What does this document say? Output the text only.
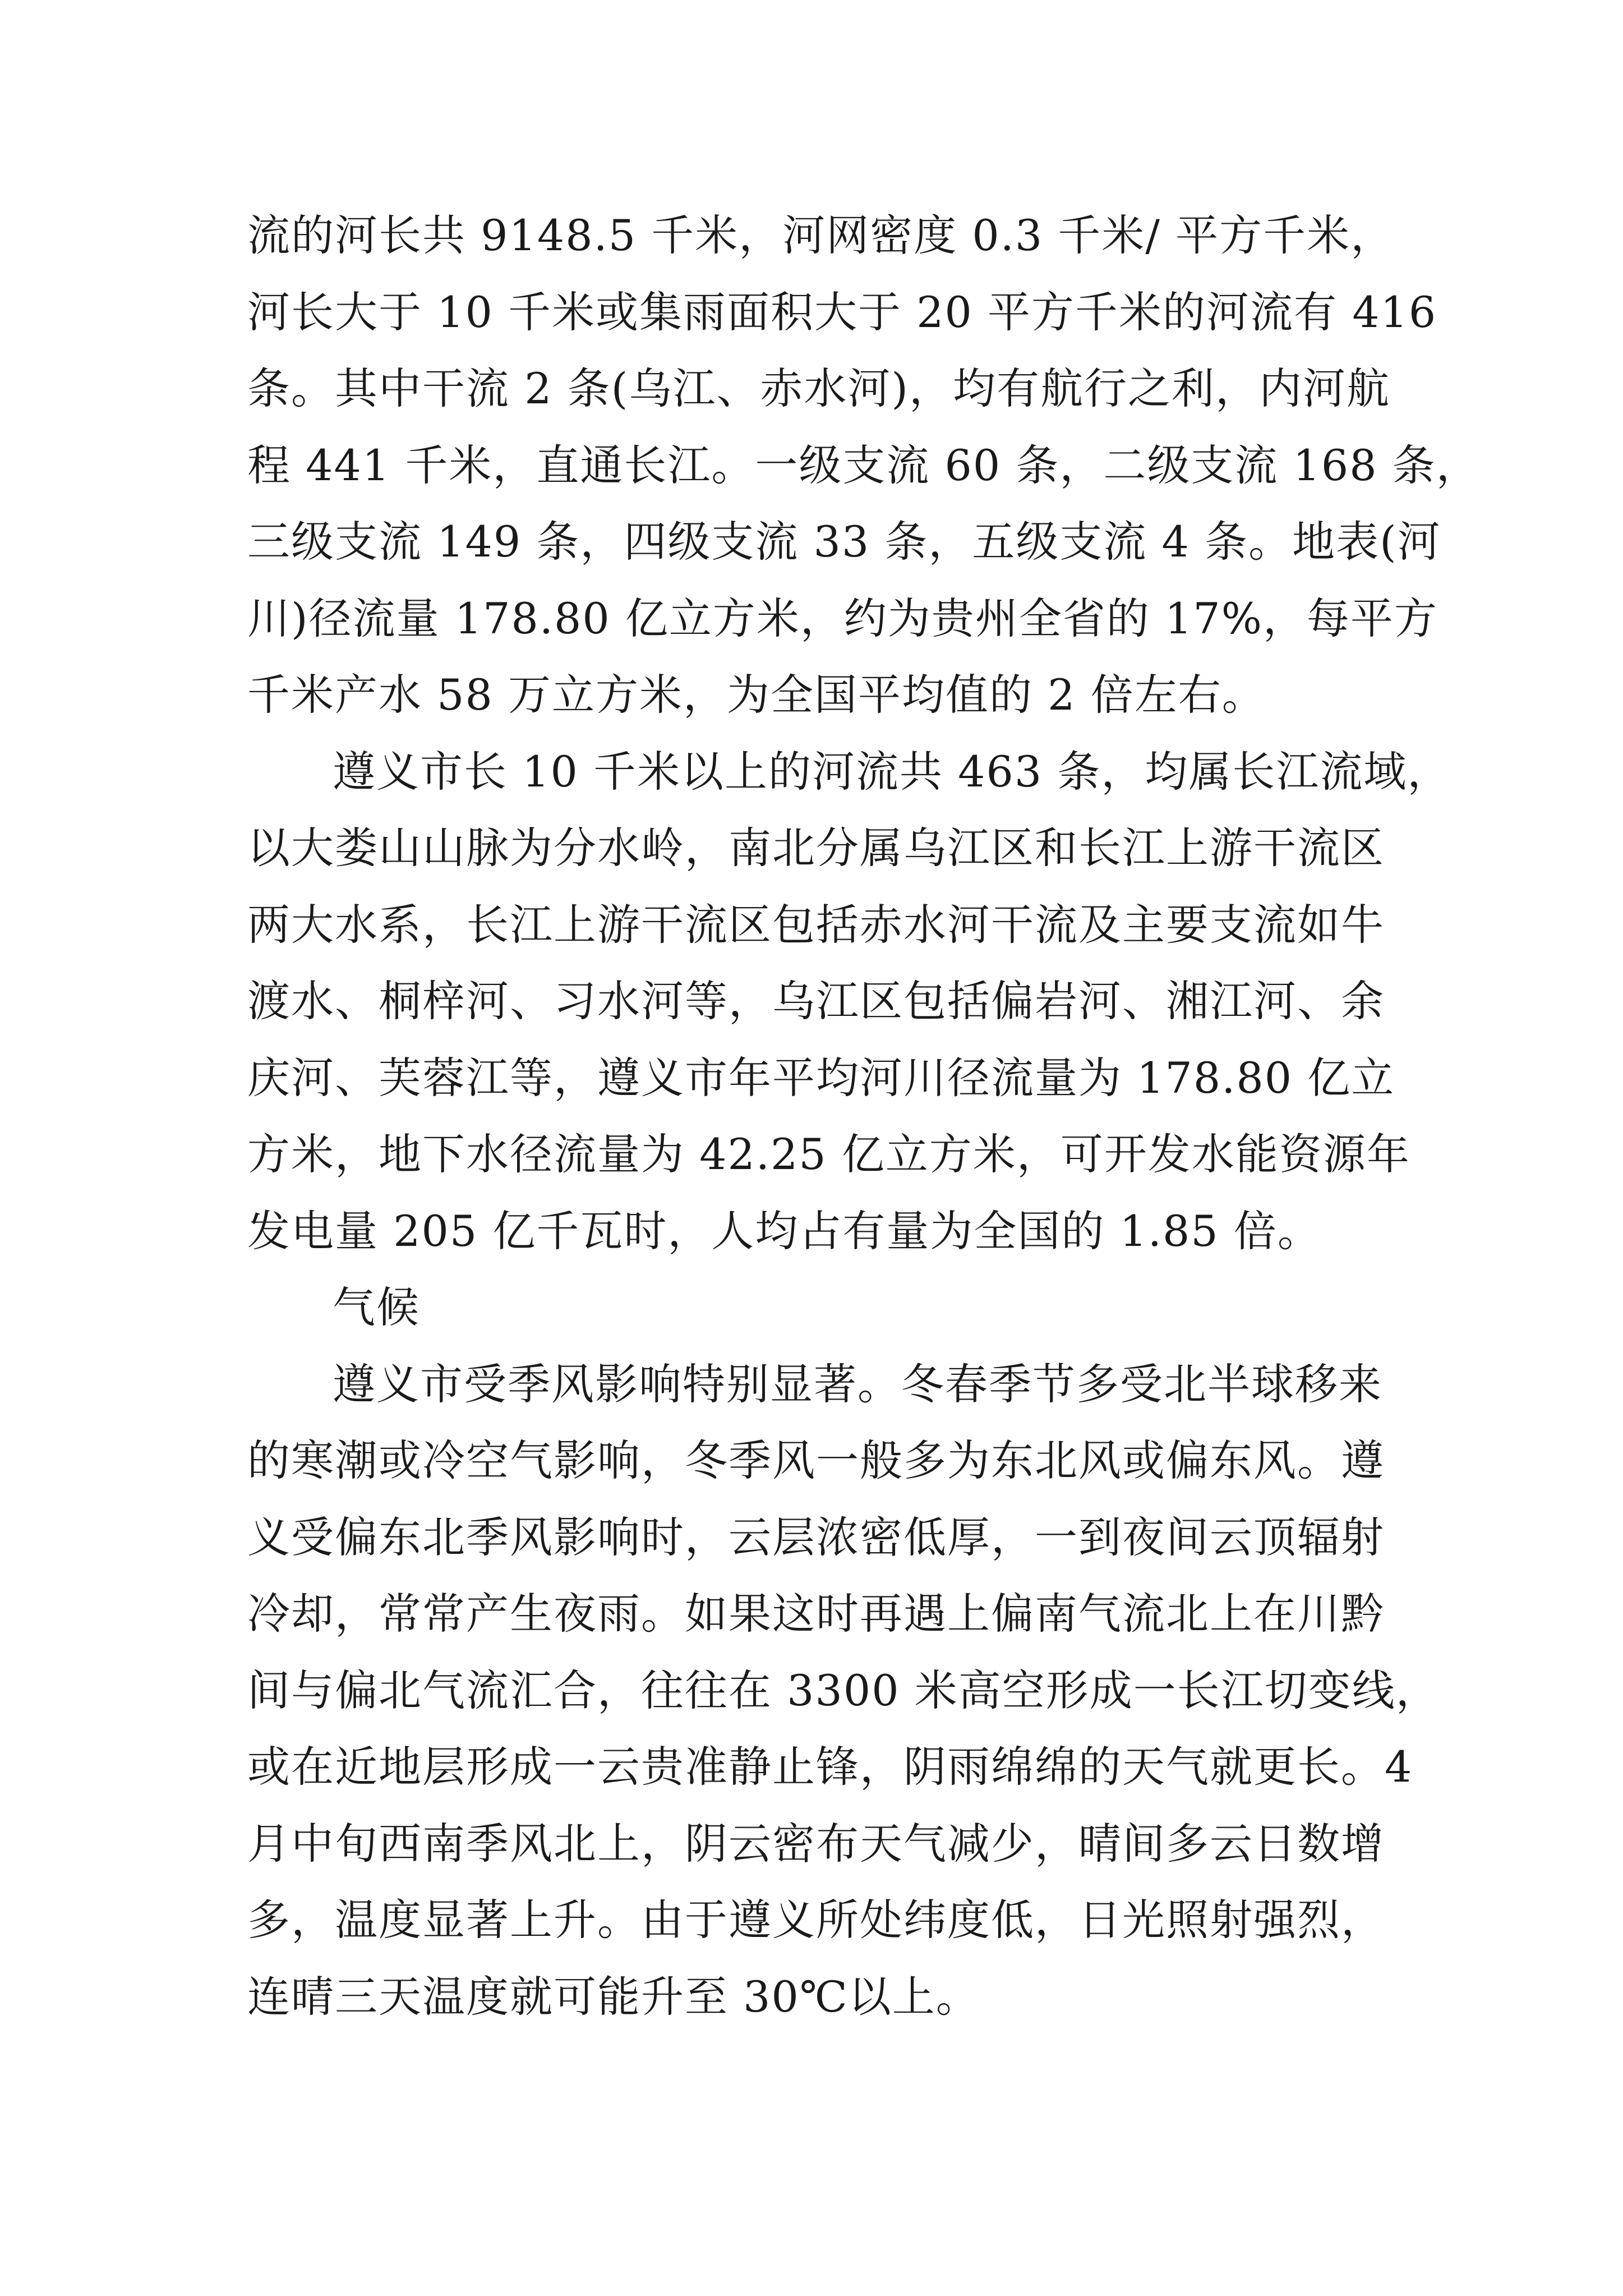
流的河长共 9148.5 千米，河网密度 0.3 千米/ 平方千米，
河长大于 10 千米或集雨面积大于 20 平方千米的河流有 416
条。其中干流 2 条(乌江、赤水河)，均有航行之利，内河航
程 441 千米，直通长江。一级支流 60 条，二级支流 168 条，
三级支流 149 条，四级支流 33 条，五级支流 4 条。地表(河
川)径流量 178.80 亿立方米，约为贵州全省的 17%，每平方
千米产水 58 万立方米，为全国平均值的 2 倍左右。
遵义市长 10 千米以上的河流共 463 条，均属长江流域，
以大娄山山脉为分水岭，南北分属乌江区和长江上游干流区
两大水系，长江上游干流区包括赤水河干流及主要支流如牛
渡水、桐梓河、习水河等，乌江区包括偏岩河、湘江河、余
庆河、芙蓉江等，遵义市年平均河川径流量为 178.80 亿立
方米，地下水径流量为 42.25 亿立方米，可开发水能资源年
发电量 205 亿千瓦时，人均占有量为全国的 1.85 倍。
气候
遵义市受季风影响特别显著。冬春季节多受北半球移来
的寒潮或冷空气影响，冬季风一般多为东北风或偏东风。遵
义受偏东北季风影响时，云层浓密低厚，一到夜间云顶辐射
冷却，常常产生夜雨。如果这时再遇上偏南气流北上在川黔
间与偏北气流汇合，往往在 3300 米高空形成一长江切变线，
或在近地层形成一云贵准静止锋，阴雨绵绵的天气就更长。4
月中旬西南季风北上，阴云密布天气减少，晴间多云日数增
多，温度显著上升。由于遵义所处纬度低，日光照射强烈，
连晴三天温度就可能升至 30℃以上。
